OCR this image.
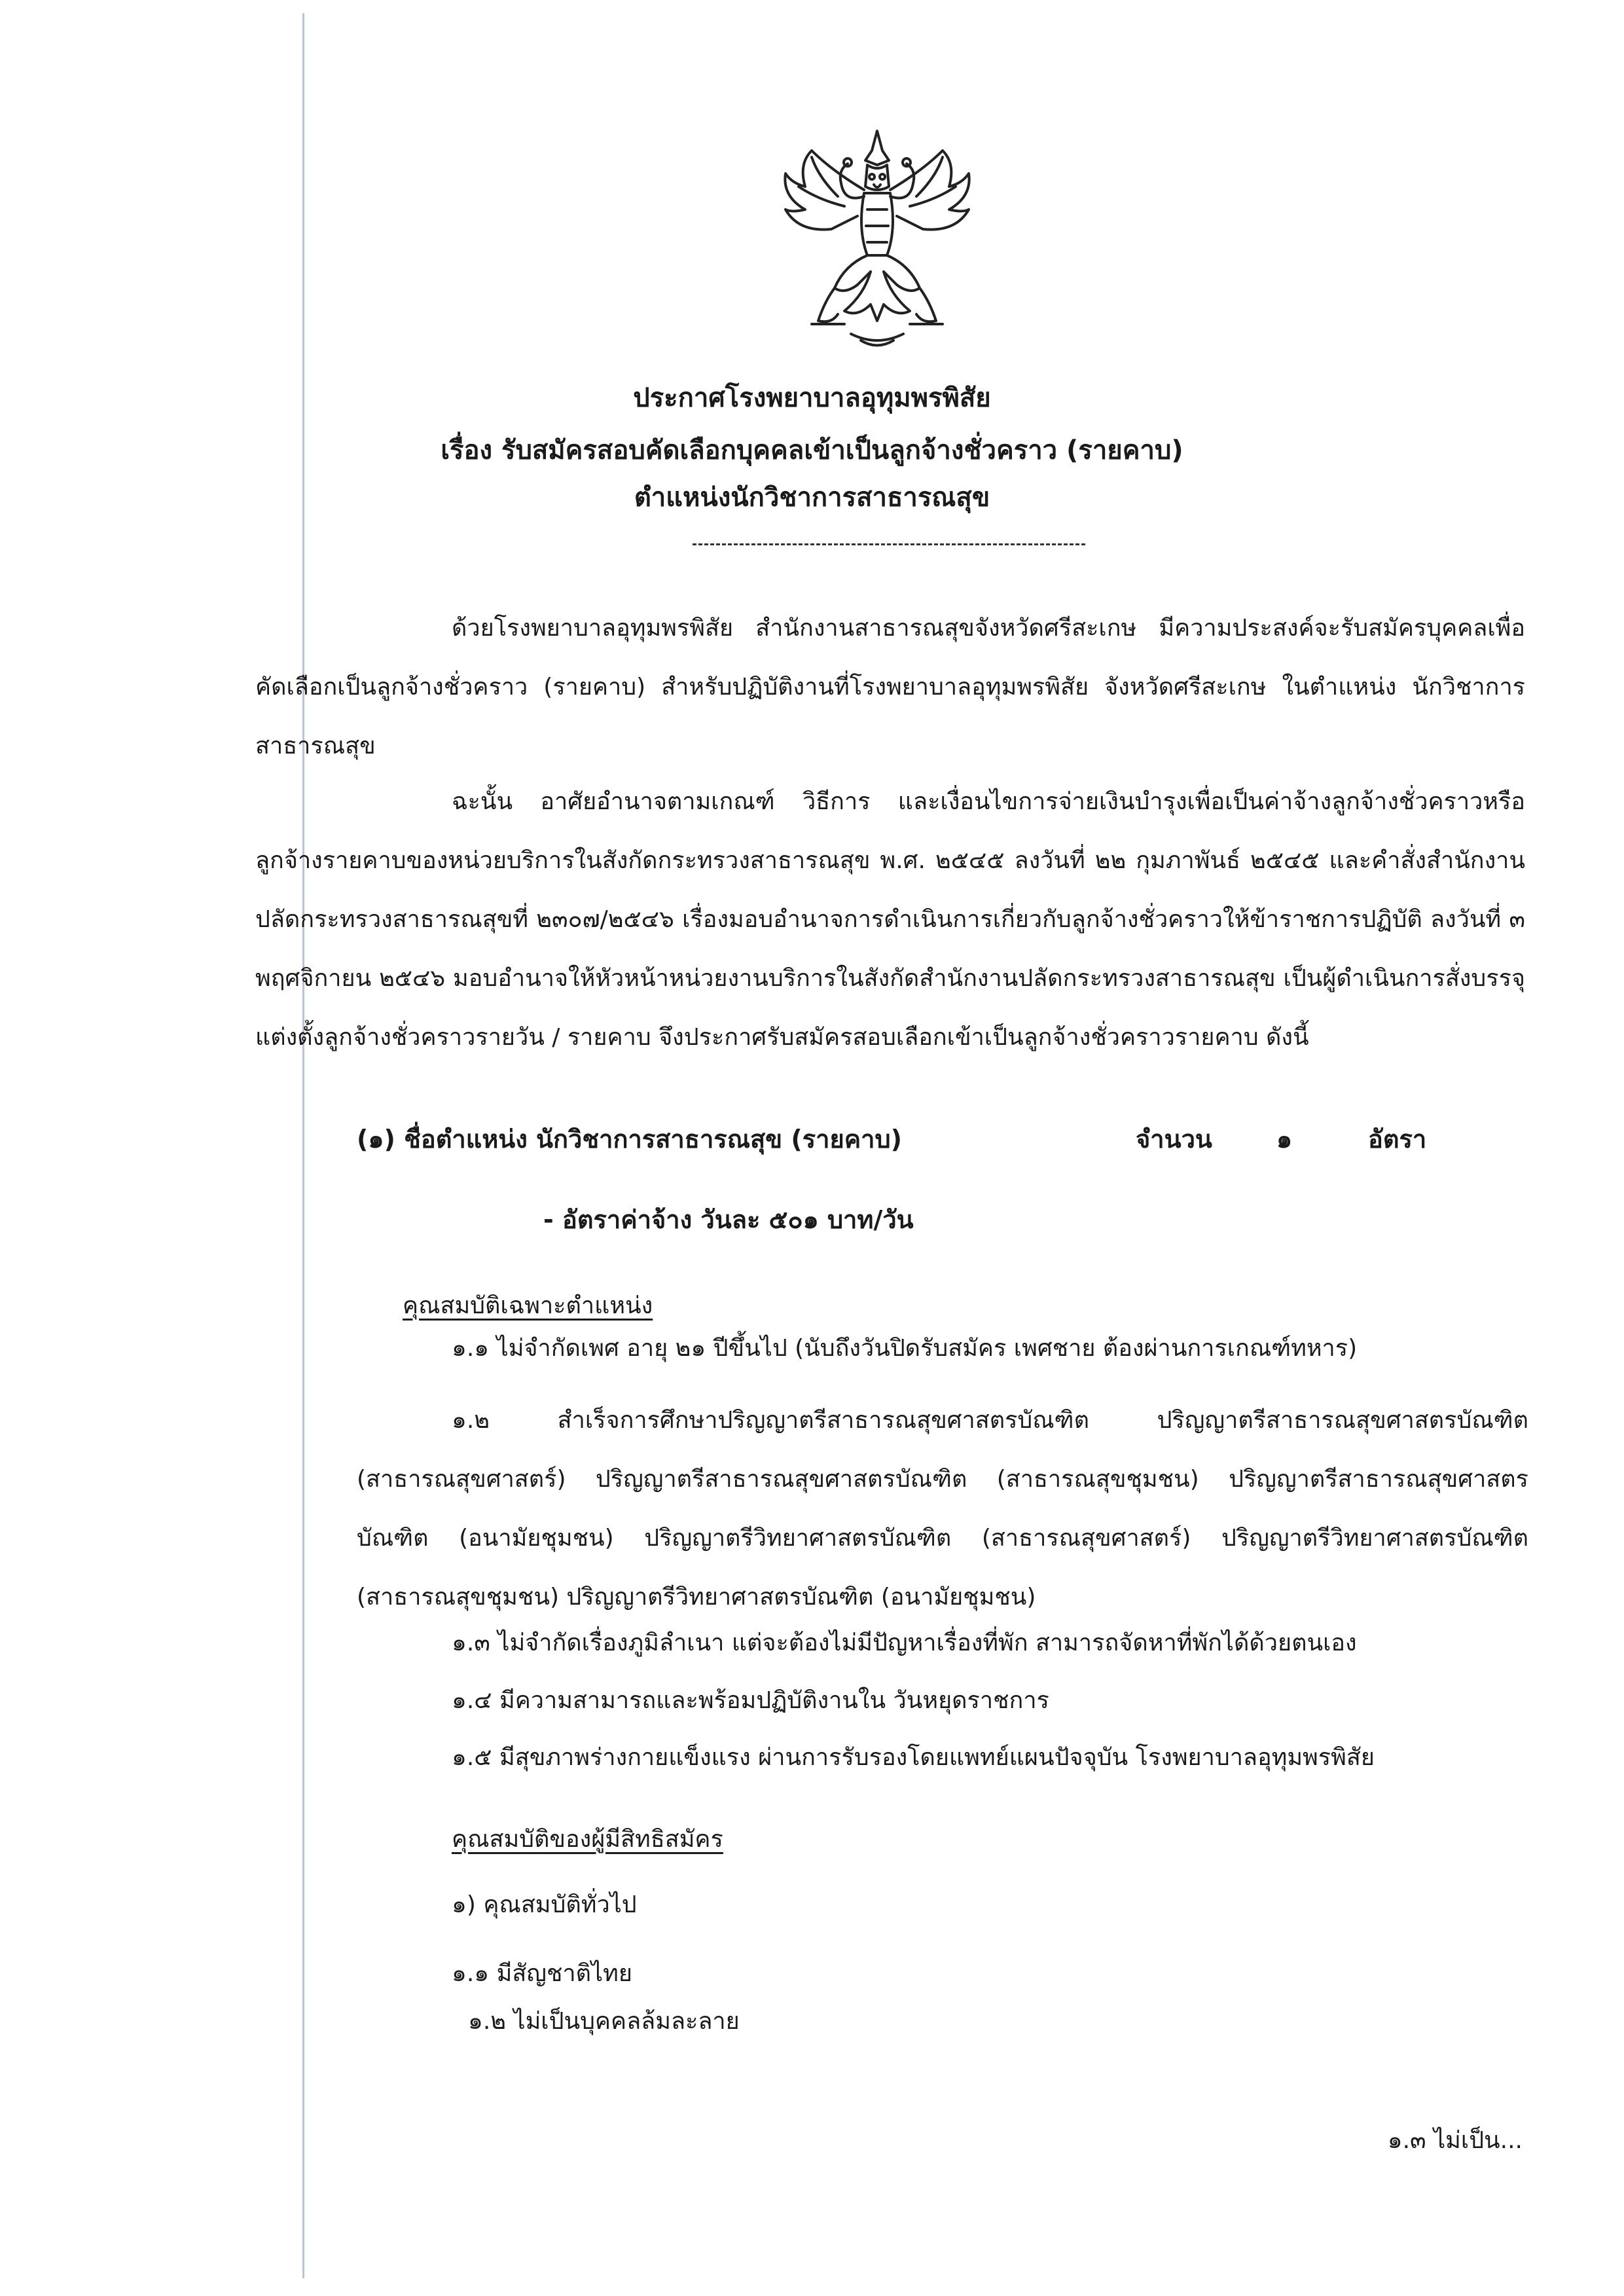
ประกาศโรงพยาบาลอุทุมพรพิสัย
เรื่อง รับสมัครสอบคัดเลือกบุคคลเข้าเป็นลูกจ้างชั่วคราว (รายคาบ)
ตำแหน่งนักวิชาการสาธารณสุข
ด้วยโรงพยาบาลอุทุมพรพิสัย สำนักงานสาธารณสุขจังหวัดศรีสะเกษ มีความประสงค์จะรับสมัครบุคคลเพื่อคัดเลือกเป็นลูกจ้างชั่วคราว (รายคาบ) สำหรับปฏิบัติงานที่โรงพยาบาลอุทุมพรพิสัย จังหวัดศรีสะเกษ ในตำแหน่ง นักวิชาการสาธารณสุข
ฉะนั้น อาศัยอำนาจตามเกณฑ์ วิธีการ และเงื่อนไขการจ่ายเงินบำรุงเพื่อเป็นค่าจ้างลูกจ้างชั่วคราวหรือลูกจ้างรายคาบของหน่วยบริการในสังกัดกระทรวงสาธารณสุข พ.ศ. ๒๕๔๕ ลงวันที่ ๒๒ กุมภาพันธ์ ๒๕๔๕ และคำสั่งสำนักงานปลัดกระทรวงสาธารณสุขที่ ๒๓๐๗/๒๕๔๖ เรื่องมอบอำนาจการดำเนินการเกี่ยวกับลูกจ้างชั่วคราวให้ข้าราชการปฏิบัติ ลงวันที่ ๓ พฤศจิกายน ๒๕๔๖ มอบอำนาจให้หัวหน้าหน่วยงานบริการในสังกัดสำนักงานปลัดกระทรวงสาธารณสุข เป็นผู้ดำเนินการสั่งบรรจุแต่งตั้งลูกจ้างชั่วคราวรายวัน / รายคาบ จึงประกาศรับสมัครสอบเลือกเข้าเป็นลูกจ้างชั่วคราวรายคาบ ดังนี้
(๑) ชื่อตำแหน่ง นักวิชาการสาธารณสุข (รายคาบ)	จำนวน	๑	อัตรา
- อัตราค่าจ้าง วันละ ๕๐๑ บาท/วัน
คุณสมบัติเฉพาะตำแหน่ง
๑.๑ ไม่จำกัดเพศ อายุ ๒๑ ปีขึ้นไป (นับถึงวันปิดรับสมัคร เพศชาย ต้องผ่านการเกณฑ์ทหาร)
๑.๒ สำเร็จการศึกษาปริญญาตรีสาธารณสุขศาสตรบัณฑิต ปริญญาตรีสาธารณสุขศาสตรบัณฑิต (สาธารณสุขศาสตร์) ปริญญาตรีสาธารณสุขศาสตรบัณฑิต (สาธารณสุขชุมชน) ปริญญาตรีสาธารณสุขศาสตรบัณฑิต (อนามัยชุมชน) ปริญญาตรีวิทยาศาสตรบัณฑิต (สาธารณสุขศาสตร์) ปริญญาตรีวิทยาศาสตรบัณฑิต (สาธารณสุขชุมชน) ปริญญาตรีวิทยาศาสตรบัณฑิต (อนามัยชุมชน)
๑.๓ ไม่จำกัดเรื่องภูมิลำเนา แต่จะต้องไม่มีปัญหาเรื่องที่พัก สามารถจัดหาที่พักได้ด้วยตนเอง
๑.๔ มีความสามารถและพร้อมปฏิบัติงานใน วันหยุดราชการ
๑.๕ มีสุขภาพร่างกายแข็งแรง ผ่านการรับรองโดยแพทย์แผนปัจจุบัน โรงพยาบาลอุทุมพรพิสัย
คุณสมบัติของผู้มีสิทธิสมัคร
๑) คุณสมบัติทั่วไป
๑.๑ มีสัญชาติไทย
๑.๒ ไม่เป็นบุคคลล้มละลาย
๑.๓ ไม่เป็น...
